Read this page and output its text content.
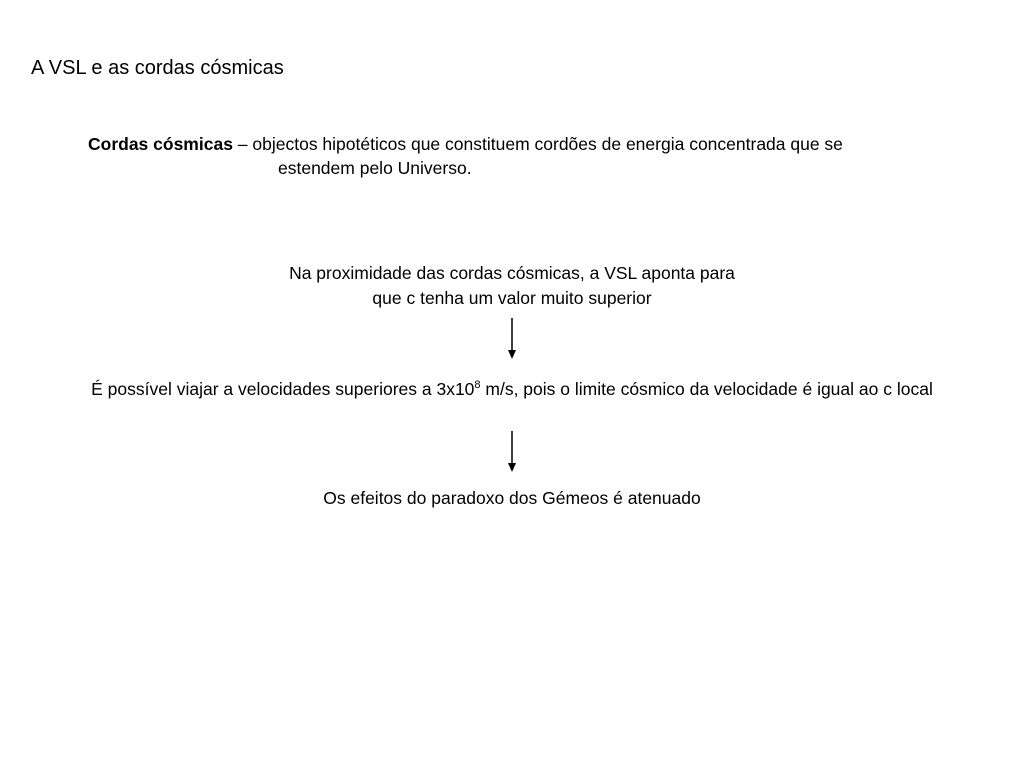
A VSL e as cordas cósmicas
Cordas cósmicas – objectos hipotéticos que constituem cordões de energia concentrada que se
estendem pelo Universo.
Na proximidade das cordas cósmicas, a VSL aponta para
que c tenha um valor muito superior
É possível viajar a velocidades superiores a $3x10^8$ m/s, pois o limite cósmico da velocidade é igual ao c local
Os efeitos do paradoxo dos Gémeos é atenuado
